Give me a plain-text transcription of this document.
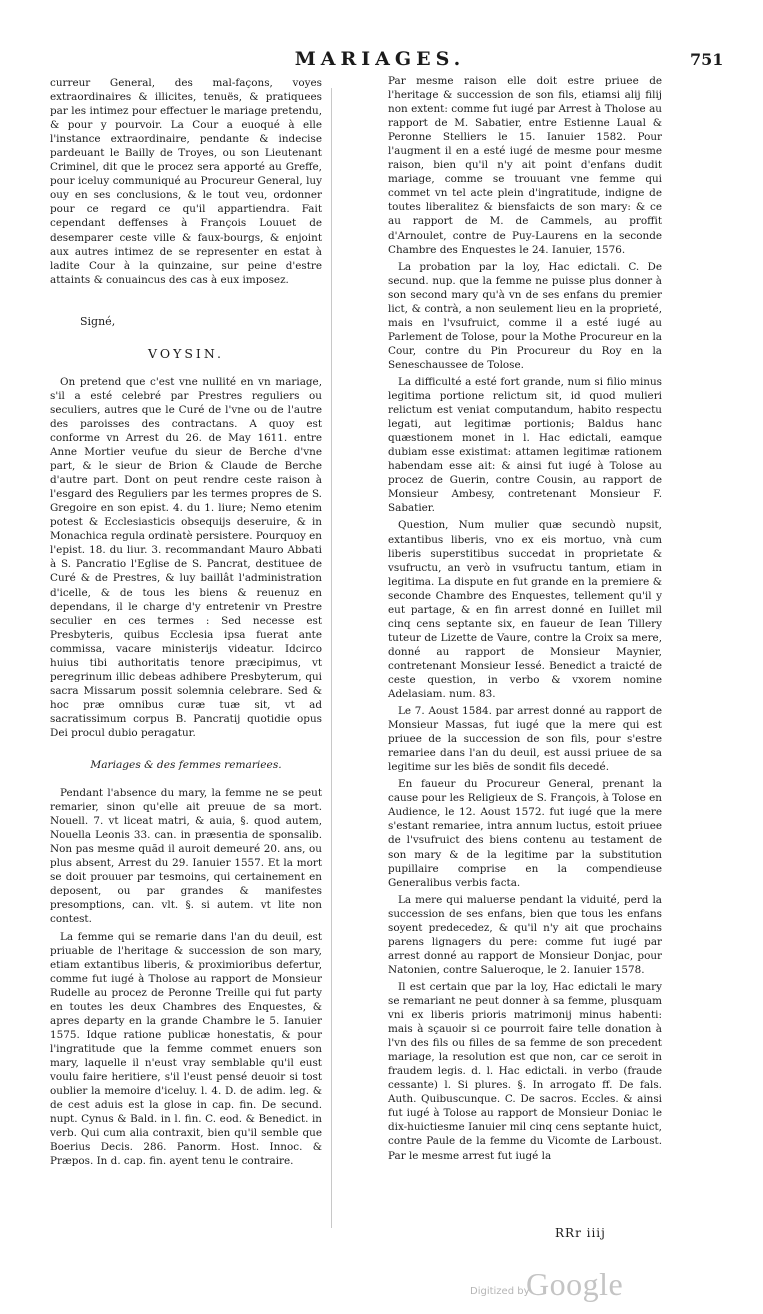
MARIAGES.	751

curreur General, des mal-façons, voyes extraordinaires & illicites, tenuës, & pratiquees par les intimez pour effectuer le mariage pretendu, & pour y pourvoir. La Cour a euoqué à elle l'instance extraordinaire, pendante & indecise pardeuant le Bailly de Troyes, ou son Lieutenant Criminel, dit que le procez sera apporté au Greffe, pour iceluy communiqué au Procureur General, luy ouy en ses conclusions, & le tout veu, ordonner pour ce regard ce qu'il appartiendra. Fait cependant deffenses à François Louuet de desemparer ceste ville & faux-bourgs, & enjoint aux autres intimez de se representer en estat à ladite Cour à la quinzaine, sur peine d'estre attaints & conuaincus des cas à eux imposez.

Signé,

VOYSIN.

On pretend que c'est vne nullité en vn mariage, s'il a esté celebré par Prestres reguliers ou seculiers, autres que le Curé de l'vne ou de l'autre des paroisses des contractans. A quoy est conforme vn Arrest du 26. de May 1611. entre Anne Mortier veufue du sieur de Berche d'vne part, & le sieur de Brion & Claude de Berche d'autre part. Dont on peut rendre ceste raison à l'esgard des Reguliers par les termes propres de S. Gregoire en son epist. 4. du 1. liure; Nemo etenim potest & Ecclesiasticis obsequijs deseruire, & in Monachica regula ordinatè persistere. Pourquoy en l'epist. 18. du liur. 3. recommandant Mauro Abbati à S. Pancratio l'Eglise de S. Pancrat, destituee de Curé & de Prestres, & luy baillât l'administration d'icelle, & de tous les biens & reuenuz en dependans, il le charge d'y entretenir vn Prestre seculier en ces termes : Sed necesse est Presbyteris, quibus Ecclesia ipsa fuerat ante commissa, vacare ministerijs videatur. Idcirco huius tibi authoritatis tenore præcipimus, vt peregrinum illic debeas adhibere Presbyterum, qui sacra Missarum possit solemnia celebrare. Sed & hoc præ omnibus curæ tuæ sit, vt ad sacratissimum corpus B. Pancratij quotidie opus Dei procul dubio peragatur.

Mariages & des femmes remariees.

Pendant l'absence du mary, la femme ne se peut remarier, sinon qu'elle ait preuue de sa mort. Nouell. 7. vt liceat matri, & auia, §. quod autem, Nouella Leonis 33. can. in præsentia de sponsalib. Non pas mesme quãd il auroit demeuré 20. ans, ou plus absent, Arrest du 29. Ianuier 1557. Et la mort se doit prouuer par tesmoins, qui certainement en deposent, ou par grandes & manifestes presomptions, can. vlt. §. si autem. vt lite non contest.

La femme qui se remarie dans l'an du deuil, est priuable de l'heritage & succession de son mary, etiam extantibus liberis, & proximioribus defertur, comme fut iugé à Tholose au rapport de Monsieur Rudelle au procez de Peronne Treille qui fut party en toutes les deux Chambres des Enquestes, & apres departy en la grande Chambre le 5. Ianuier 1575. Idque ratione publicæ honestatis, & pour l'ingratitude que la femme commet enuers son mary, laquelle il n'eust vray semblable qu'il eust voulu faire heritiere, s'il l'eust pensé deuoir si tost oublier la memoire d'iceluy. l. 4. D. de adim. leg. & de cest aduis est la glose in cap. fin. De secund. nupt. Cynus & Bald. in l. fin. C. eod. & Benedict. in verb. Qui cum alia contraxit, bien qu'il semble que Boerius Decis. 286. Panorm. Host. Innoc. & Præpos. In d. cap. fin. ayent tenu le contraire.

Par mesme raison elle doit estre priuee de l'heritage & succession de son fils, etiamsi alij filij non extent: comme fut iugé par Arrest à Tholose au rapport de M. Sabatier, entre Estienne Laual & Peronne Stelliers le 15. Ianuier 1582. Pour l'augment il en a esté iugé de mesme pour mesme raison, bien qu'il n'y ait point d'enfans dudit mariage, comme se trouuant vne femme qui commet vn tel acte plein d'ingratitude, indigne de toutes liberalitez & biensfaicts de son mary: & ce au rapport de M. de Cammels, au proffit d'Arnoulet, contre de Puy-Laurens en la seconde Chambre des Enquestes le 24. Ianuier, 1576.

La probation par la loy, Hac edictali. C. De secund. nup. que la femme ne puisse plus donner à son second mary qu'à vn de ses enfans du premier lict, & contrà, a non seulement lieu en la proprieté, mais en l'vsufruict, comme il a esté iugé au Parlement de Tolose, pour la Mothe Procureur en la Cour, contre du Pin Procureur du Roy en la Seneschaussee de Tolose.

La difficulté a esté fort grande, num si filio minus legitima portione relictum sit, id quod mulieri relictum est veniat computandum, habito respectu legati, aut legitimæ portionis; Baldus hanc quæstionem monet in l. Hac edictali, eamque dubiam esse existimat: attamen legitimæ rationem habendam esse ait: & ainsi fut iugé à Tolose au procez de Guerin, contre Cousin, au rapport de Monsieur Ambesy, contretenant Monsieur F. Sabatier.

Question, Num mulier quæ secundò nupsit, extantibus liberis, vno ex eis mortuo, vnà cum liberis superstitibus succedat in proprietate & vsufructu, an verò in vsufructu tantum, etiam in legitima. La dispute en fut grande en la premiere & seconde Chambre des Enquestes, tellement qu'il y eut partage, & en fin arrest donné en Iuillet mil cinq cens septante six, en faueur de Iean Tillery tuteur de Lizette de Vaure, contre la Croix sa mere, donné au rapport de Monsieur Maynier, contretenant Monsieur Iessé. Benedict a traicté de ceste question, in verbo & vxorem nomine Adelasiam. num. 83.

Le 7. Aoust 1584. par arrest donné au rapport de Monsieur Massas, fut iugé que la mere qui est priuee de la succession de son fils, pour s'estre remariee dans l'an du deuil, est aussi priuee de sa legitime sur les biẽs de sondit fils decedé.

En faueur du Procureur General, prenant la cause pour les Religieux de S. François, à Tolose en Audience, le 12. Aoust 1572. fut iugé que la mere s'estant remariee, intra annum luctus, estoit priuee de l'vsufruict des biens contenu au testament de son mary & de la legitime par la substitution pupillaire comprise en la compendieuse Generalibus verbis facta.

La mere qui maluerse pendant la viduité, perd la succession de ses enfans, bien que tous les enfans soyent predecedez, & qu'il n'y ait que prochains parens lignagers du pere: comme fut iugé par arrest donné au rapport de Monsieur Donjac, pour Natonien, contre Salueroque, le 2. Ianuier 1578.

Il est certain que par la loy, Hac edictali le mary se remariant ne peut donner à sa femme, plusquam vni ex liberis prioris matrimonij minus habenti: mais à sçauoir si ce pourroit faire telle donation à l'vn des fils ou filles de sa femme de son precedent mariage, la resolution est que non, car ce seroit in fraudem legis. d. l. Hac edictali. in verbo (fraude cessante) l. Si plures. §. In arrogato ff. De fals. Auth. Quibuscunque. C. De sacros. Eccles. & ainsi fut iugé à Tolose au rapport de Monsieur Doniac le dix-huictiesme Ianuier mil cinq cens septante huict, contre Paule de la femme du Vicomte de Larboust. Par le mesme arrest fut iugé la

RRr iiij
Digitized by
Google
